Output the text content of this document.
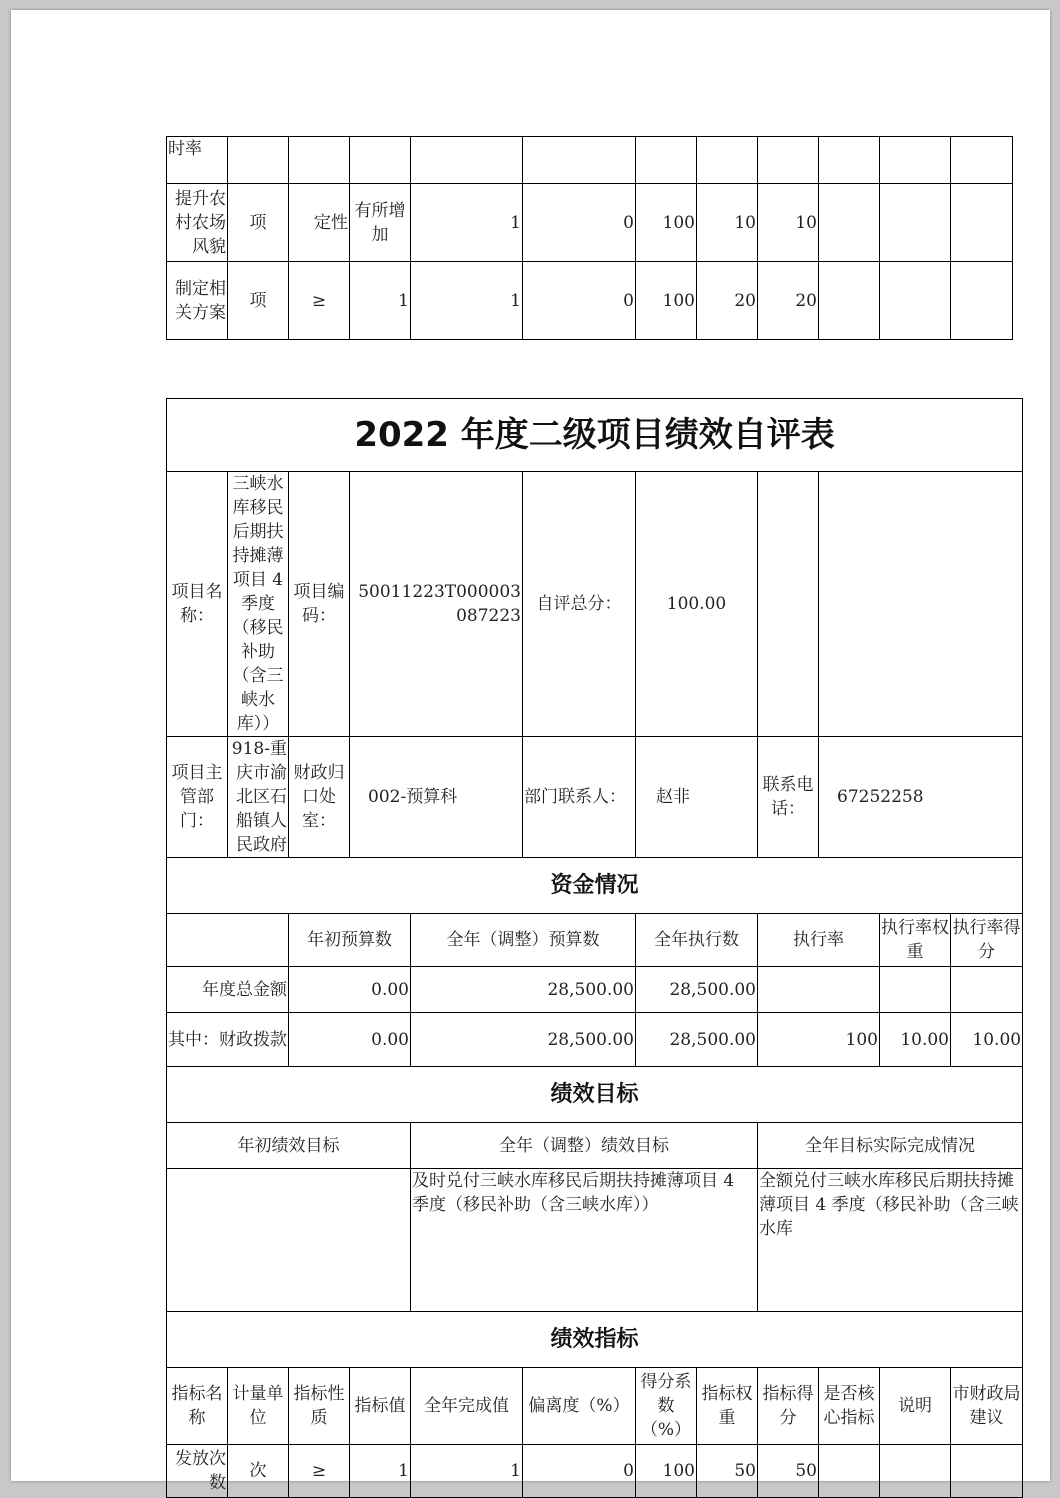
时率											
提升农村农场风貌	项	定性	有所增加	1	0	100	10	10			
制定相关方案	项	≥	1	1	0	100	20	20			
2022 年度二级项目绩效自评表											
项目名称：	三峡水库移民后期扶持摊薄项目 4 季度（移民补助（含三峡水库））	项目编码：	50011223T000003087223		自评总分：	100.00					
项目主管部门：	918-重庆市渝北区石船镇人民政府	财政归口处室：	002-预算科		部门联系人：	赵非		联系电话：	67252258		
资金情况											
		年初预算数		全年（调整）预算数		全年执行数		执行率		执行率权重	执行率得分
年度总金额		0.00		28,500.00		28,500.00					
其中：财政拨款		0.00		28,500.00		28,500.00		100		10.00	10.00
绩效目标											
年初绩效目标				全年（调整）绩效目标				全年目标实际完成情况			
				及时兑付三峡水库移民后期扶持摊薄项目 4 季度（移民补助（含三峡水库））				全额兑付三峡水库移民后期扶持摊薄项目 4 季度（移民补助（含三峡水库			
绩效指标											
指标名称	计量单位	指标性质	指标值	全年完成值	偏离度（%）	得分系数（%）	指标权重	指标得分	是否核心指标	说明	市财政局建议
发放次数	次	≥	1	1	0	100	50	50			
